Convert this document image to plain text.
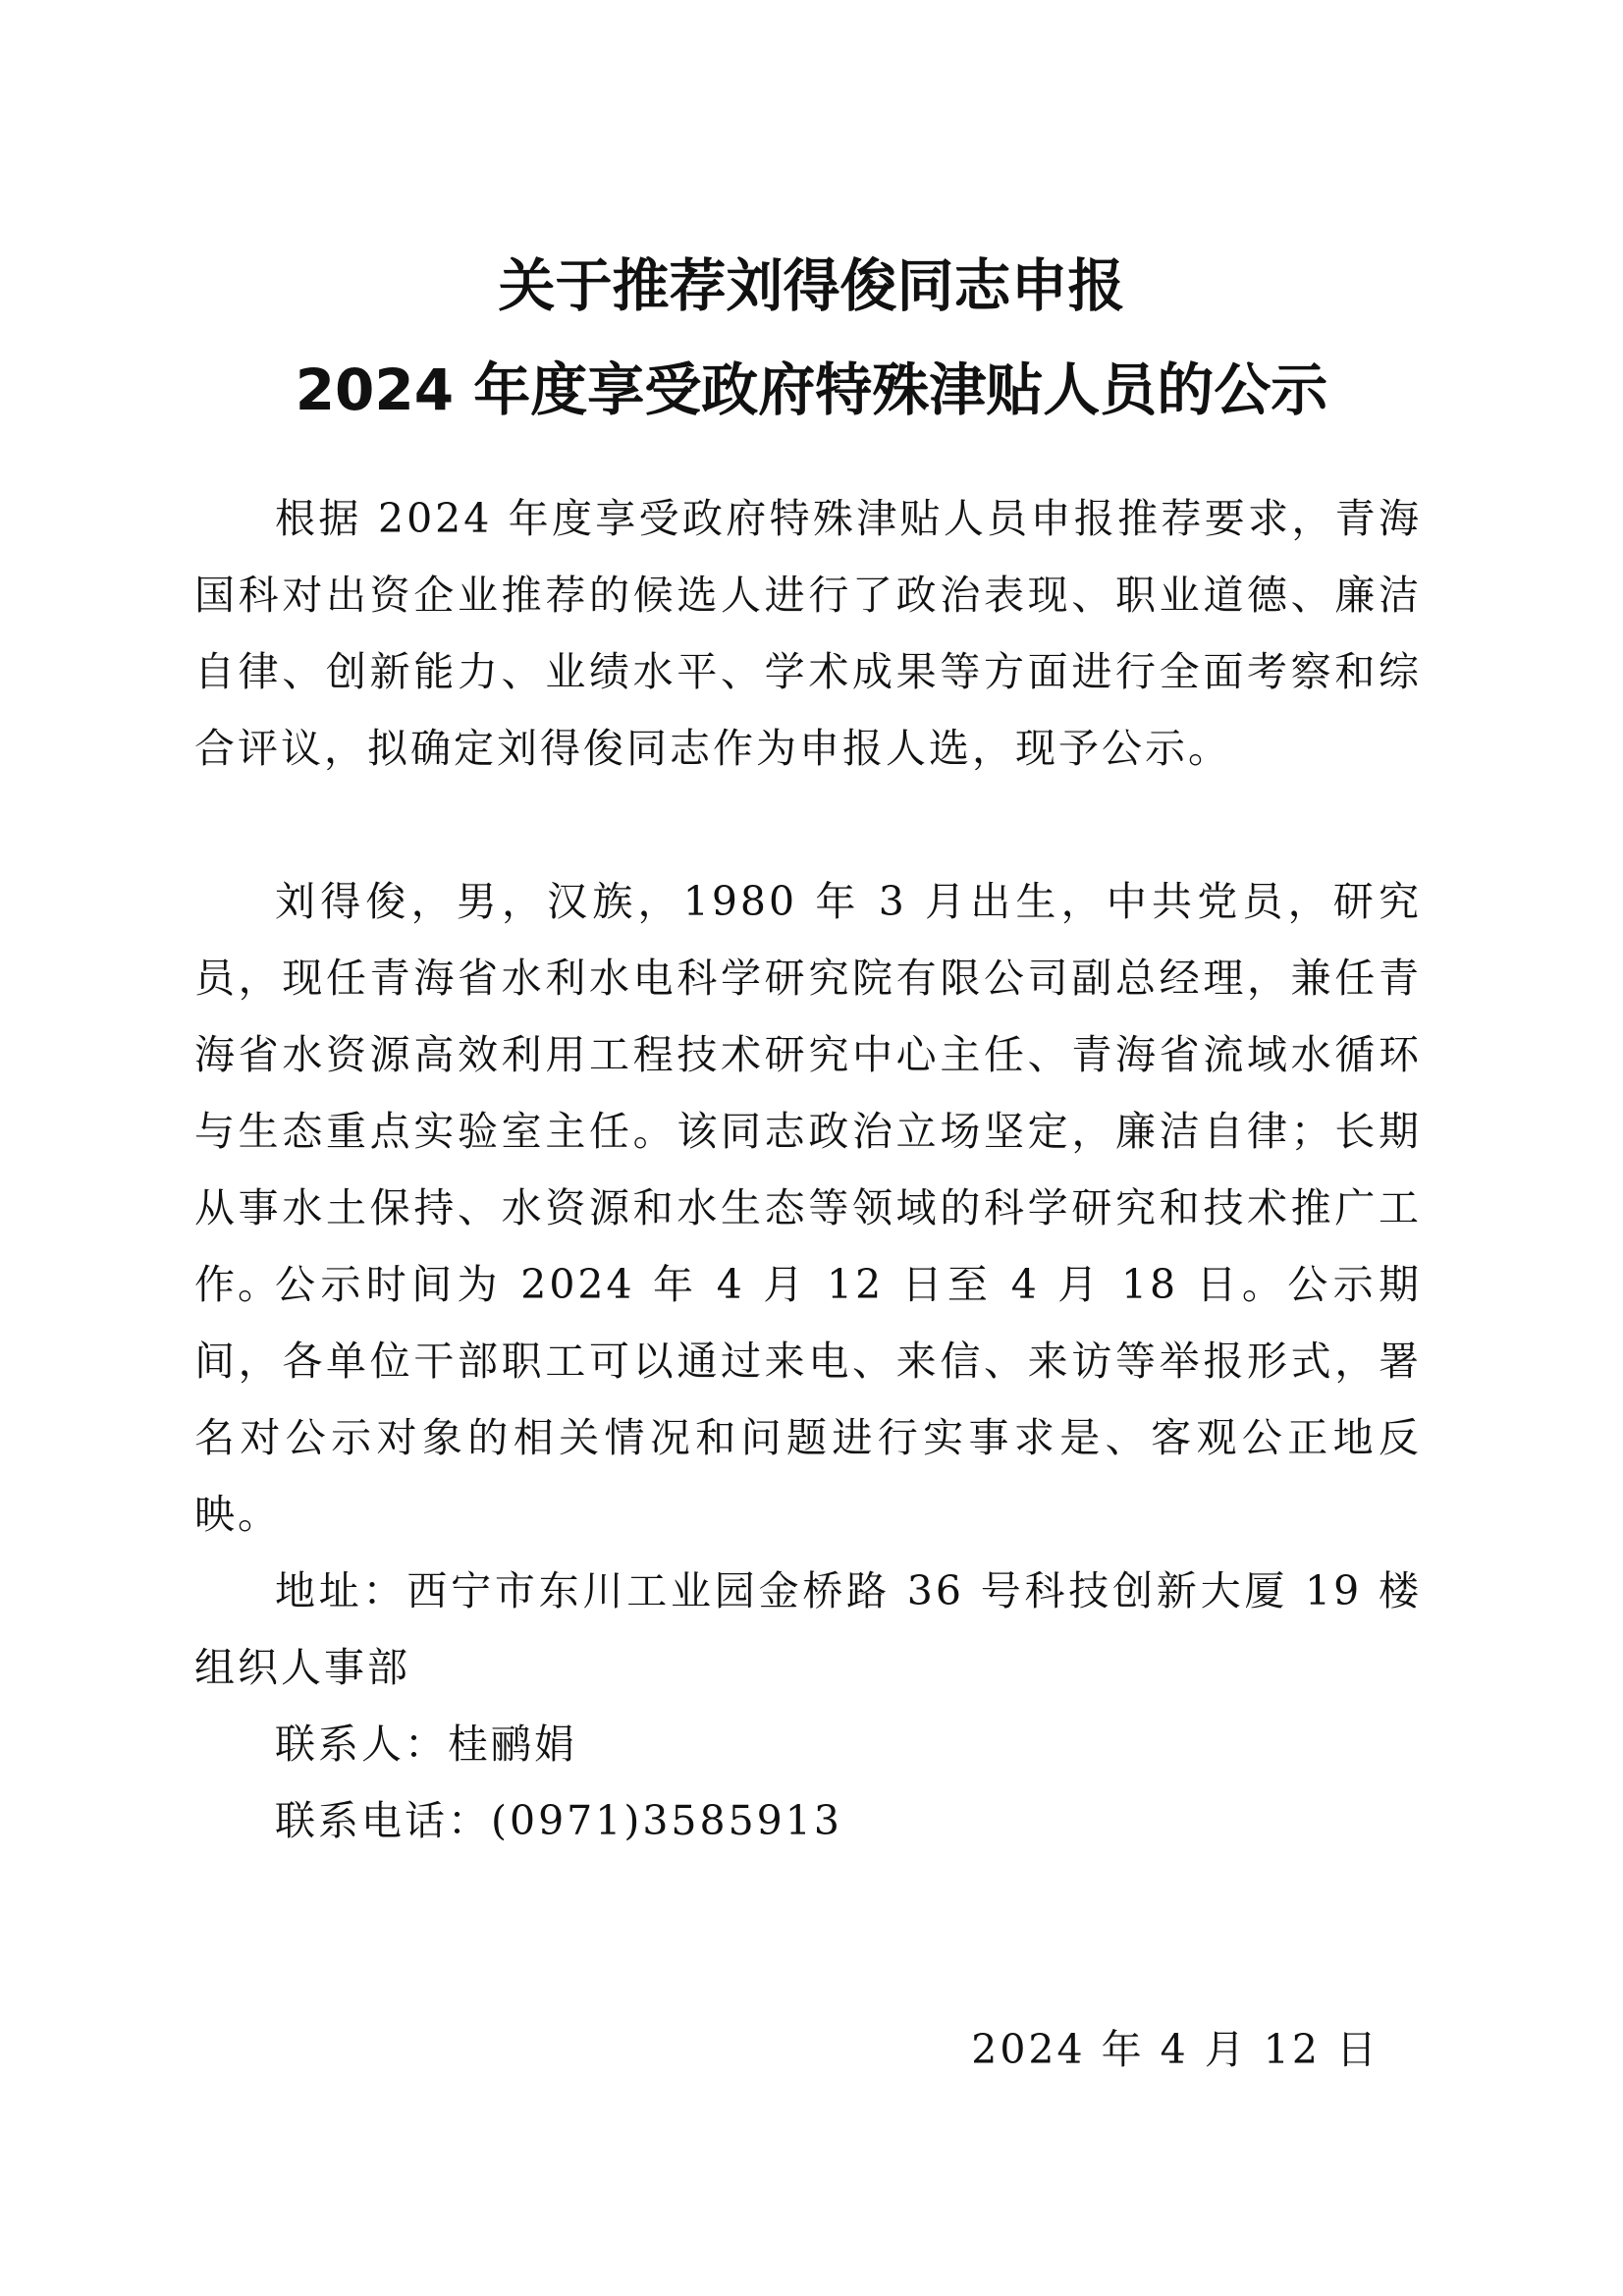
关于推荐刘得俊同志申报
2024 年度享受政府特殊津贴人员的公示

根据 2024 年度享受政府特殊津贴人员申报推荐要求，青海国科对出资企业推荐的候选人进行了政治表现、职业道德、廉洁自律、创新能力、业绩水平、学术成果等方面进行全面考察和综合评议，拟确定刘得俊同志作为申报人选，现予公示。

刘得俊，男，汉族，1980 年 3 月出生，中共党员，研究员，现任青海省水利水电科学研究院有限公司副总经理，兼任青海省水资源高效利用工程技术研究中心主任、青海省流域水循环与生态重点实验室主任。该同志政治立场坚定，廉洁自律；长期从事水土保持、水资源和水生态等领域的科学研究和技术推广工作。

公示时间为 2024 年 4 月 12 日至 4 月 18 日。公示期间，各单位干部职工可以通过来电、来信、来访等举报形式，署名对公示对象的相关情况和问题进行实事求是、客观公正地反映。

地址：西宁市东川工业园金桥路 36 号科技创新大厦 19 楼组织人事部

联系人：桂鹂娟

联系电话：(0971)3585913

2024 年 4 月 12 日
